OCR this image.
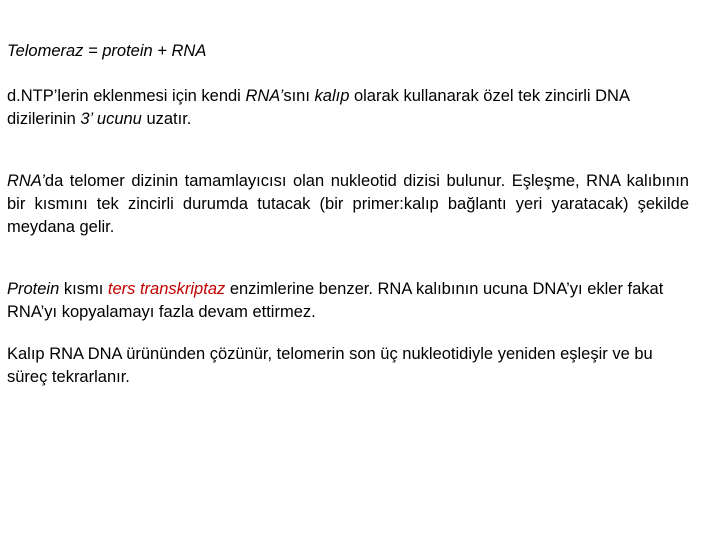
Telomeraz = protein + RNA

d.NTP’lerin eklenmesi için kendi RNA’sını kalıp olarak kullanarak özel tek zincirli DNA dizilerinin 3’ ucunu uzatır.

RNA’da telomer dizinin tamamlayıcısı olan nukleotid dizisi bulunur. Eşleşme, RNA kalıbının bir kısmını tek zincirli durumda tutacak (bir primer:kalıp bağlantı yeri yaratacak) şekilde meydana gelir.

Protein kısmı ters transkriptaz enzimlerine benzer. RNA kalıbının ucuna DNA’yı ekler fakat RNA’yı kopyalamayı fazla devam ettirmez.

Kalıp RNA DNA ürününden çözünür, telomerin son üç nukleotidiyle yeniden eşleşir ve bu süreç tekrarlanır.
